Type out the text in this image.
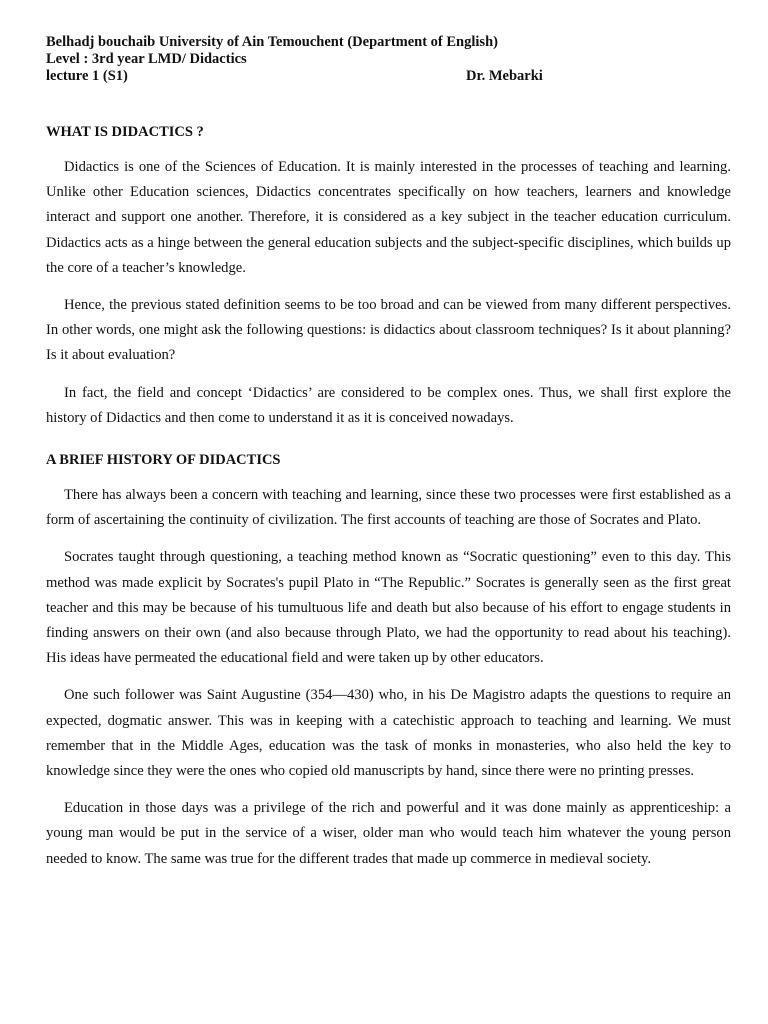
Belhadj bouchaib University of Ain Temouchent (Department of English)
Level : 3rd year LMD/ Didactics
lecture 1 (S1)	Dr. Mebarki
WHAT IS DIDACTICS ?

Didactics is one of the Sciences of Education. It is mainly interested in the processes of teaching and learning. Unlike other Education sciences, Didactics concentrates specifically on how teachers, learners and knowledge interact and support one another. Therefore, it is considered as a key subject in the teacher education curriculum. Didactics acts as a hinge between the general education subjects and the subject-specific disciplines, which builds up the core of a teacher’s knowledge.

Hence, the previous stated definition seems to be too broad and can be viewed from many different perspectives. In other words, one might ask the following questions: is didactics about classroom techniques? Is it about planning? Is it about evaluation?

In fact, the field and concept ‘Didactics’ are considered to be complex ones. Thus, we shall first explore the history of Didactics and then come to understand it as it is conceived nowadays.

A BRIEF HISTORY OF DIDACTICS

There has always been a concern with teaching and learning, since these two processes were first established as a form of ascertaining the continuity of civilization. The first accounts of teaching are those of Socrates and Plato.

Socrates taught through questioning, a teaching method known as “Socratic questioning” even to this day. This method was made explicit by Socrates's pupil Plato in “The Republic.” Socrates is generally seen as the first great teacher and this may be because of his tumultuous life and death but also because of his effort to engage students in finding answers on their own (and also because through Plato, we had the opportunity to read about his teaching). His ideas have permeated the educational field and were taken up by other educators.

One such follower was Saint Augustine (354—430) who, in his De Magistro adapts the questions to require an expected, dogmatic answer. This was in keeping with a catechistic approach to teaching and learning. We must remember that in the Middle Ages, education was the task of monks in monasteries, who also held the key to knowledge since they were the ones who copied old manuscripts by hand, since there were no printing presses.

Education in those days was a privilege of the rich and powerful and it was done mainly as apprenticeship: a young man would be put in the service of a wiser, older man who would teach him whatever the young person needed to know. The same was true for the different trades that made up commerce in medieval society.
